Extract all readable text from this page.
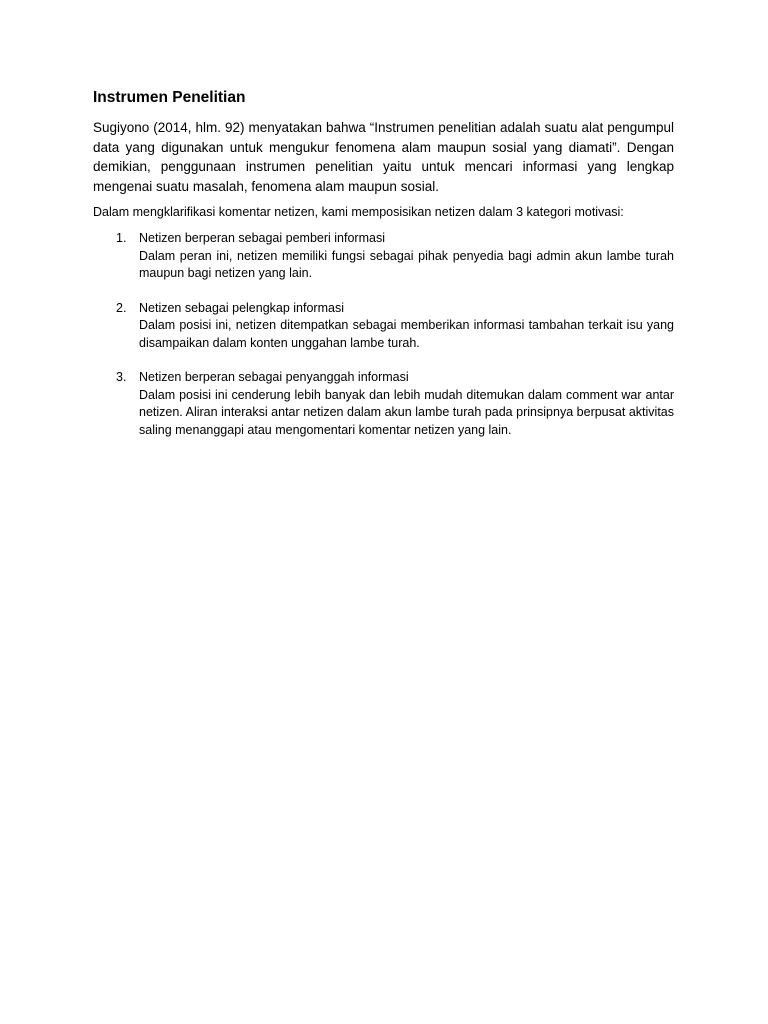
Instrumen Penelitian

Sugiyono (2014, hlm. 92) menyatakan bahwa “Instrumen penelitian adalah suatu alat pengumpul data yang digunakan untuk mengukur fenomena alam maupun sosial yang diamati”. Dengan demikian, penggunaan instrumen penelitian yaitu untuk mencari informasi yang lengkap mengenai suatu masalah, fenomena alam maupun sosial.

Dalam mengklarifikasi komentar netizen, kami memposisikan netizen dalam 3 kategori motivasi:

1. Netizen berperan sebagai pemberi informasi
Dalam peran ini, netizen memiliki fungsi sebagai pihak penyedia bagi admin akun lambe turah maupun bagi netizen yang lain.
2. Netizen sebagai pelengkap informasi
Dalam posisi ini, netizen ditempatkan sebagai memberikan informasi tambahan terkait isu yang disampaikan dalam konten unggahan lambe turah.
3. Netizen berperan sebagai penyanggah informasi
Dalam posisi ini cenderung lebih banyak dan lebih mudah ditemukan dalam comment war antar netizen. Aliran interaksi antar netizen dalam akun lambe turah pada prinsipnya berpusat aktivitas saling menanggapi atau mengomentari komentar netizen yang lain.
